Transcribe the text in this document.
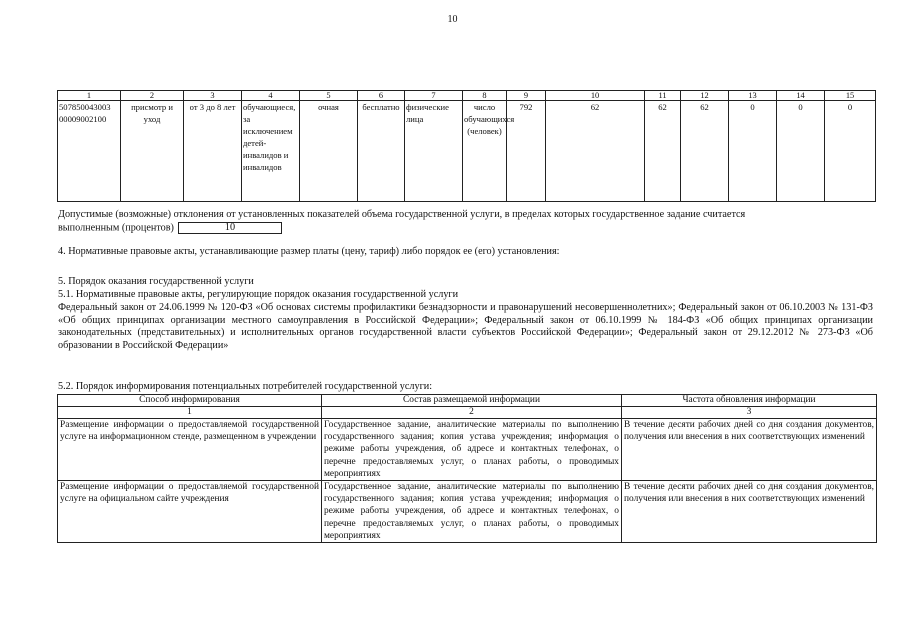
10
1	2	3	4	5	6	7	8	9	10	11	12	13	14	15
507850043003 00009002100	присмотр и уход	от 3 до 8 лет	обучающиеся, за исключением детей-инвалидов и инвалидов	очная	бесплатно	физические лица	число обучающихся (человек)	792	62	62	62	0	0	0
Допустимые (возможные) отклонения от установленных показателей объема государственной услуги, в пределах которых государственное задание считается выполненным (процентов)	10
4. Нормативные правовые акты, устанавливающие размер платы (цену, тариф) либо порядок ее (его) установления:
5. Порядок оказания государственной услуги
5.1. Нормативные правовые акты, регулирующие порядок оказания государственной услуги
Федеральный закон от 24.06.1999 № 120-ФЗ «Об основах системы профилактики безнадзорности и правонарушений несовершеннолетних»; Федеральный закон от 06.10.2003 № 131-ФЗ «Об общих принципах организации местного самоуправления в Российской Федерации»; Федеральный закон от 06.10.1999 № 184-ФЗ «Об общих принципах организации законодательных (представительных) и исполнительных органов государственной власти субъектов Российской Федерации»; Федеральный закон от 29.12.2012 № 273-ФЗ «Об образовании в Российской Федерации»
5.2. Порядок информирования потенциальных потребителей государственной услуги:
Способ информирования	Состав размещаемой информации	Частота обновления информации
1	2	3
Размещение информации о предоставляемой государственной услуге на информационном стенде, размещенном в учреждении	Государственное задание, аналитические материалы по выполнению государственного задания; копия устава учреждения; информация о режиме работы учреждения, об адресе и контактных телефонах, о перечне предоставляемых услуг, о планах работы, о проводимых мероприятиях	В течение десяти рабочих дней со дня создания документов, получения или внесения в них соответствующих изменений
Размещение информации о предоставляемой государственной услуге на официальном сайте учреждения	Государственное задание, аналитические материалы по выполнению государственного задания; копия устава учреждения; информация о режиме работы учреждения, об адресе и контактных телефонах, о перечне предоставляемых услуг, о планах работы, о проводимых мероприятиях	В течение десяти рабочих дней со дня создания документов, получения или внесения в них соответствующих изменений
